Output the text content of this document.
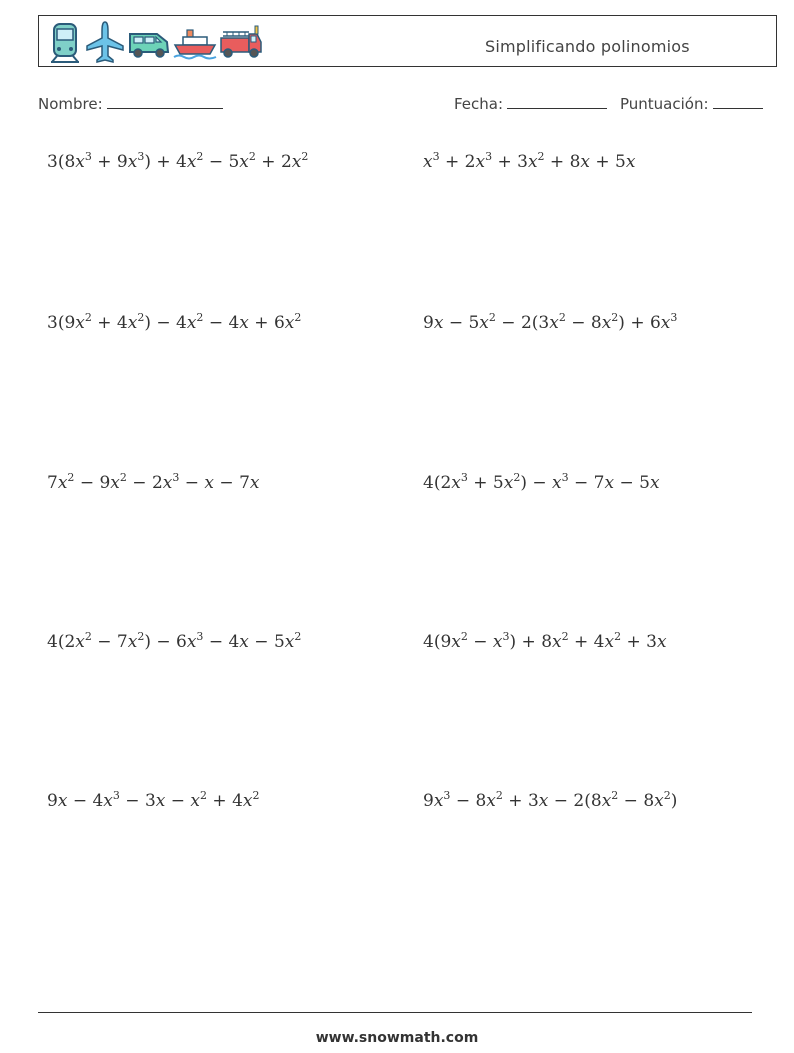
Simplificando polinomios
Nombre:	Fecha:	Puntuación:
$3(8x^3 + 9x^3) + 4x^2 - 5x^2 + 2x^2$	$x^3 + 2x^3 + 3x^2 + 8x + 5x$
$3(9x^2 + 4x^2) - 4x^2 - 4x + 6x^2$	$9x - 5x^2 - 2(3x^2 - 8x^2) + 6x^3$
$7x^2 - 9x^2 - 2x^3 - x - 7x$	$4(2x^3 + 5x^2) - x^3 - 7x - 5x$
$4(2x^2 - 7x^2) - 6x^3 - 4x - 5x^2$	$4(9x^2 - x^3) + 8x^2 + 4x^2 + 3x$
$9x - 4x^3 - 3x - x^2 + 4x^2$	$9x^3 - 8x^2 + 3x - 2(8x^2 - 8x^2)$
www.snowmath.com
